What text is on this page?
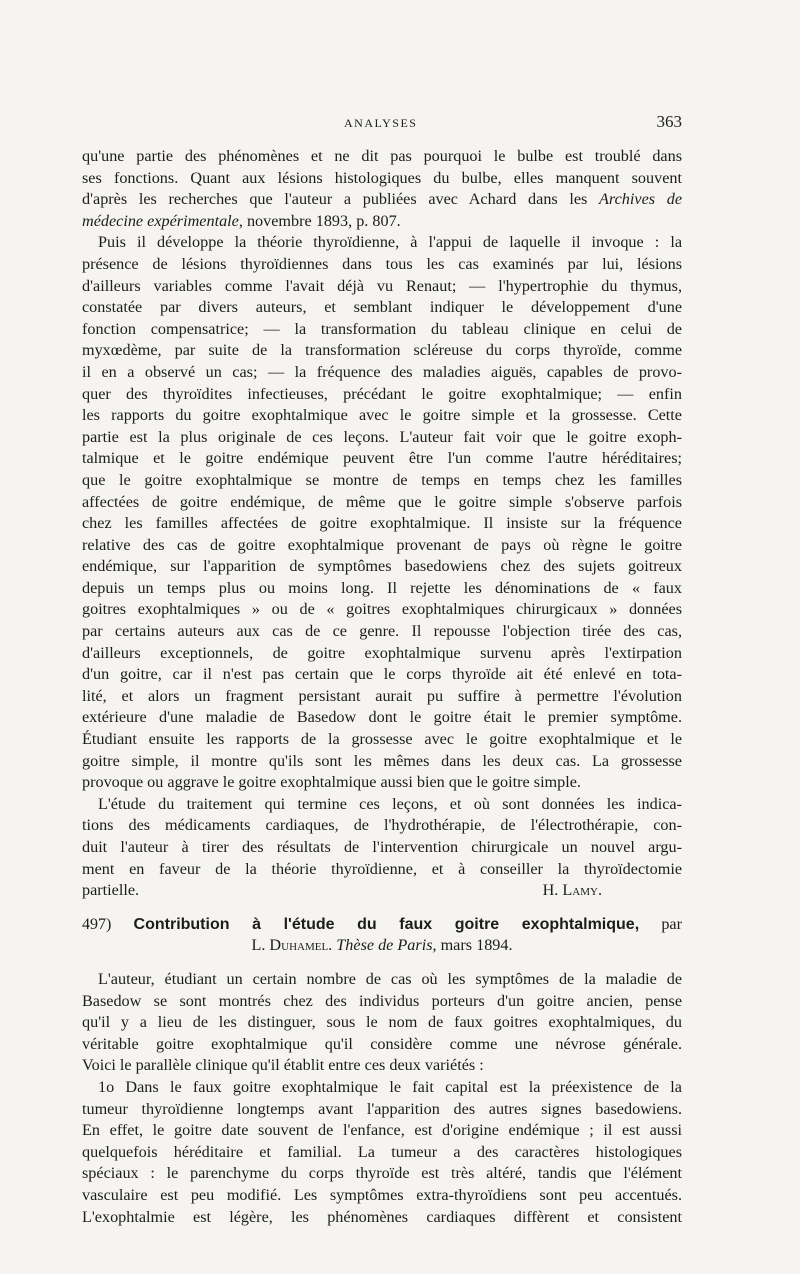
ANALYSES	363
qu'une partie des phénomènes et ne dit pas pourquoi le bulbe est troublé dans
ses fonctions. Quant aux lésions histologiques du bulbe, elles manquent souvent
d'après les recherches que l'auteur a publiées avec Achard dans les Archives de
médecine expérimentale, novembre 1893, p. 807.
Puis il développe la théorie thyroïdienne, à l'appui de laquelle il invoque : la
présence de lésions thyroïdiennes dans tous les cas examinés par lui, lésions
d'ailleurs variables comme l'avait déjà vu Renaut; — l'hypertrophie du thymus,
constatée par divers auteurs, et semblant indiquer le développement d'une
fonction compensatrice; — la transformation du tableau clinique en celui de
myxœdème, par suite de la transformation scléreuse du corps thyroïde, comme
il en a observé un cas; — la fréquence des maladies aiguës, capables de provo-
quer des thyroïdites infectieuses, précédant le goitre exophtalmique; — enfin
les rapports du goitre exophtalmique avec le goitre simple et la grossesse. Cette
partie est la plus originale de ces leçons. L'auteur fait voir que le goitre exoph-
talmique et le goitre endémique peuvent être l'un comme l'autre héréditaires;
que le goitre exophtalmique se montre de temps en temps chez les familles
affectées de goitre endémique, de même que le goitre simple s'observe parfois
chez les familles affectées de goitre exophtalmique. Il insiste sur la fréquence
relative des cas de goitre exophtalmique provenant de pays où règne le goitre
endémique, sur l'apparition de symptômes basedowiens chez des sujets goitreux
depuis un temps plus ou moins long. Il rejette les dénominations de « faux
goitres exophtalmiques » ou de « goitres exophtalmiques chirurgicaux » données
par certains auteurs aux cas de ce genre. Il repousse l'objection tirée des cas,
d'ailleurs exceptionnels, de goitre exophtalmique survenu après l'extirpation
d'un goitre, car il n'est pas certain que le corps thyroïde ait été enlevé en tota-
lité, et alors un fragment persistant aurait pu suffire à permettre l'évolution
extérieure d'une maladie de Basedow dont le goitre était le premier symptôme.
Étudiant ensuite les rapports de la grossesse avec le goitre exophtalmique et le
goitre simple, il montre qu'ils sont les mêmes dans les deux cas. La grossesse
provoque ou aggrave le goitre exophtalmique aussi bien que le goitre simple.
L'étude du traitement qui termine ces leçons, et où sont données les indica-
tions des médicaments cardiaques, de l'hydrothérapie, de l'électrothérapie, con-
duit l'auteur à tirer des résultats de l'intervention chirurgicale un nouvel argu-
ment en faveur de la théorie thyroïdienne, et à conseiller la thyroïdectomie
partielle.	H. Lamy.
497) Contribution à l'étude du faux goitre exophtalmique, par
L. Duhamel. Thèse de Paris, mars 1894.
L'auteur, étudiant un certain nombre de cas où les symptômes de la maladie de
Basedow se sont montrés chez des individus porteurs d'un goitre ancien, pense
qu'il y a lieu de les distinguer, sous le nom de faux goitres exophtalmiques, du
véritable goitre exophtalmique qu'il considère comme une névrose générale.
Voici le parallèle clinique qu'il établit entre ces deux variétés :
1o Dans le faux goitre exophtalmique le fait capital est la préexistence de la
tumeur thyroïdienne longtemps avant l'apparition des autres signes basedowiens.
En effet, le goitre date souvent de l'enfance, est d'origine endémique ; il est aussi
quelquefois héréditaire et familial. La tumeur a des caractères histologiques
spéciaux : le parenchyme du corps thyroïde est très altéré, tandis que l'élément
vasculaire est peu modifié. Les symptômes extra-thyroïdiens sont peu accentués.
L'exophtalmie est légère, les phénomènes cardiaques diffèrent et consistent
